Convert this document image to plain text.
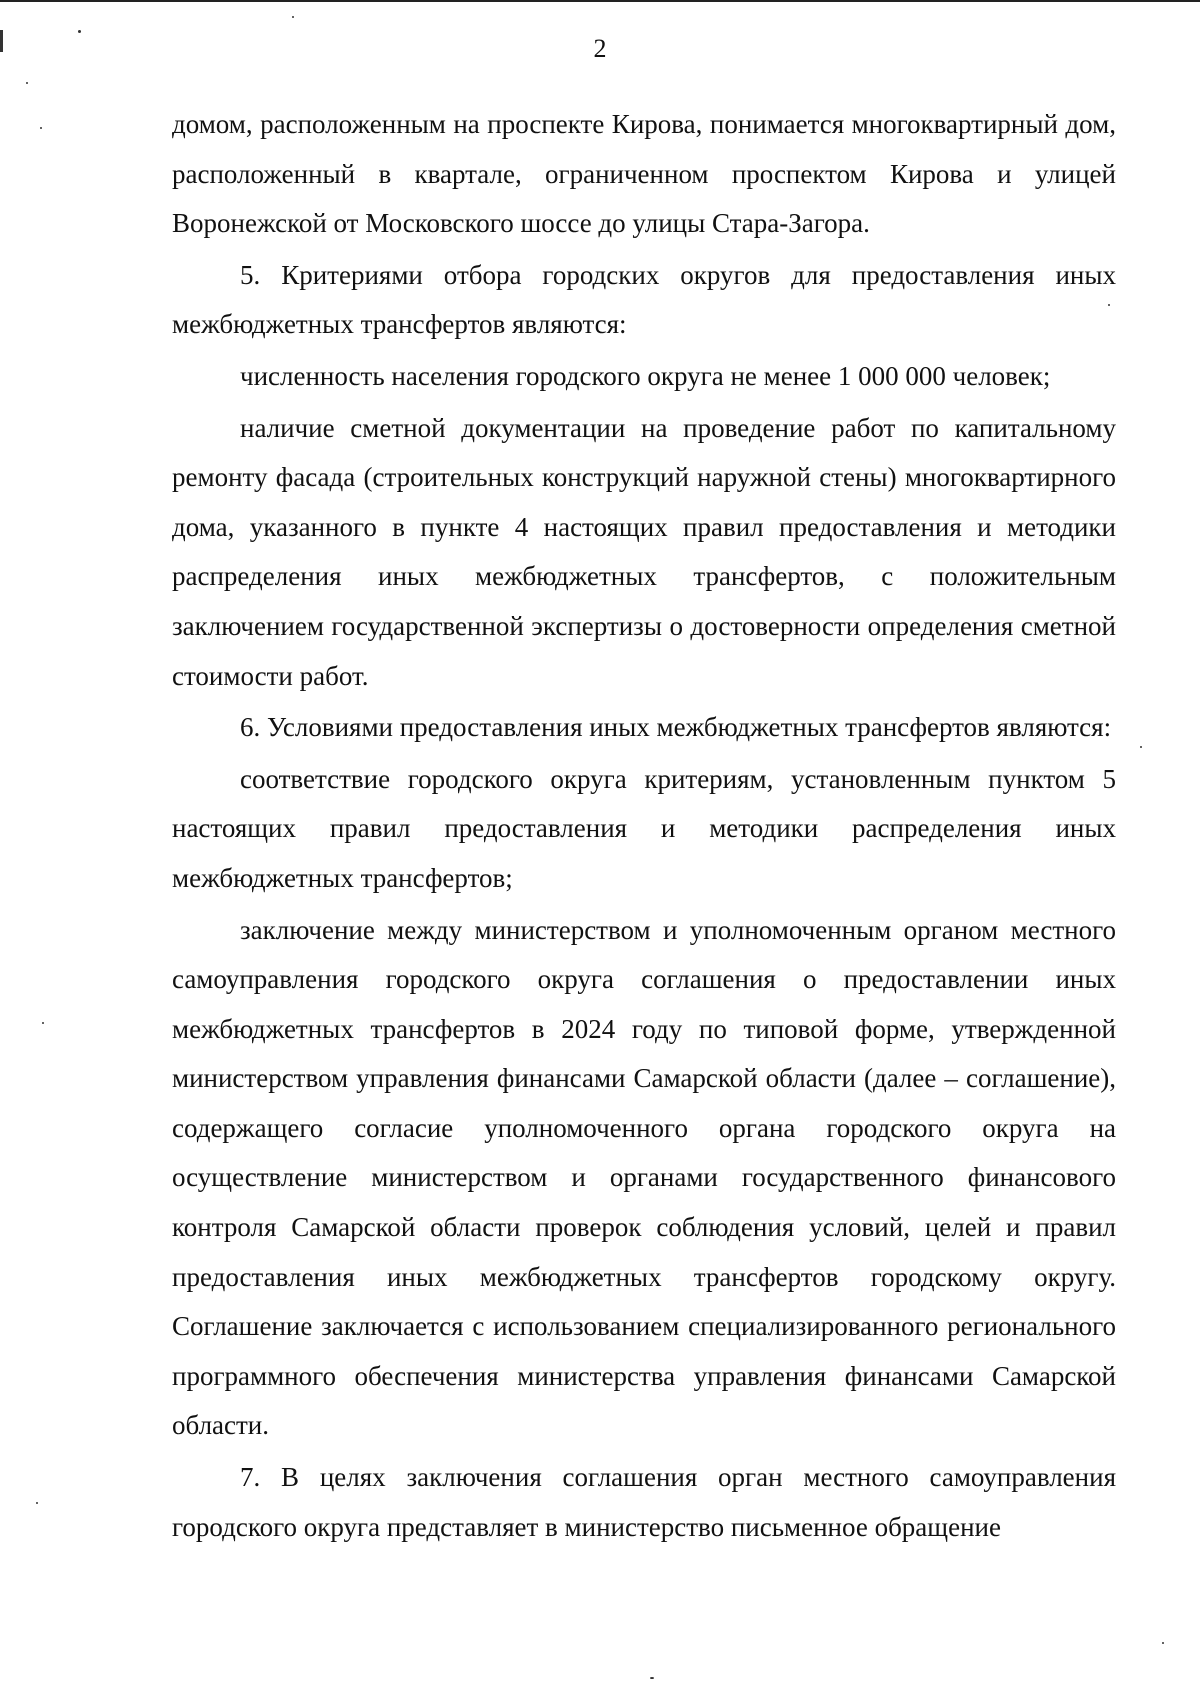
2

домом, расположенным на проспекте Кирова, понимается многоквартирный дом, расположенный в квартале, ограниченном проспектом Кирова и улицей Воронежской от Московского шоссе до улицы Стара-Загора.

5. Критериями отбора городских округов для предоставления иных межбюджетных трансфертов являются:

численность населения городского округа не менее 1 000 000 человек;

наличие сметной документации на проведение работ по капитальному ремонту фасада (строительных конструкций наружной стены) многоквартирного дома, указанного в пункте 4 настоящих правил предоставления и методики распределения иных межбюджетных трансфертов, с положительным заключением государственной экспертизы о достоверности определения сметной стоимости работ.

6. Условиями предоставления иных межбюджетных трансфертов являются:

соответствие городского округа критериям, установленным пунктом 5 настоящих правил предоставления и методики распределения иных межбюджетных трансфертов;

заключение между министерством и уполномоченным органом местного самоуправления городского округа соглашения о предоставлении иных межбюджетных трансфертов в 2024 году по типовой форме, утвержденной министерством управления финансами Самарской области (далее – соглашение), содержащего согласие уполномоченного органа городского округа на осуществление министерством и органами государственного финансового контроля Самарской области проверок соблюдения условий, целей и правил предоставления иных межбюджетных трансфертов городскому округу. Соглашение заключается с использованием специализированного регионального программного обеспечения министерства управления финансами Самарской области.

7. В целях заключения соглашения орган местного самоуправления городского округа представляет в министерство письменное обращение
